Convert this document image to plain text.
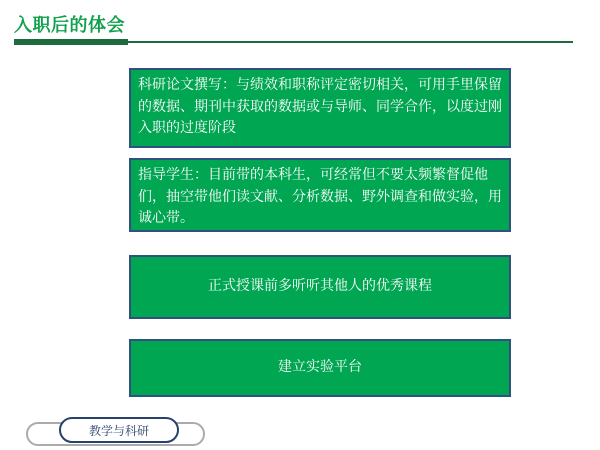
入职后的体会
科研论文撰写：与绩效和职称评定密切相关，可用手里保留的数据、期刊中获取的数据或与导师、同学合作，以度过刚入职的过度阶段
指导学生：目前带的本科生，可经常但不要太频繁督促他们，抽空带他们读文献、分析数据、野外调查和做实验，用诚心带。
正式授课前多听听其他人的优秀课程
建立实验平台
教学与科研
